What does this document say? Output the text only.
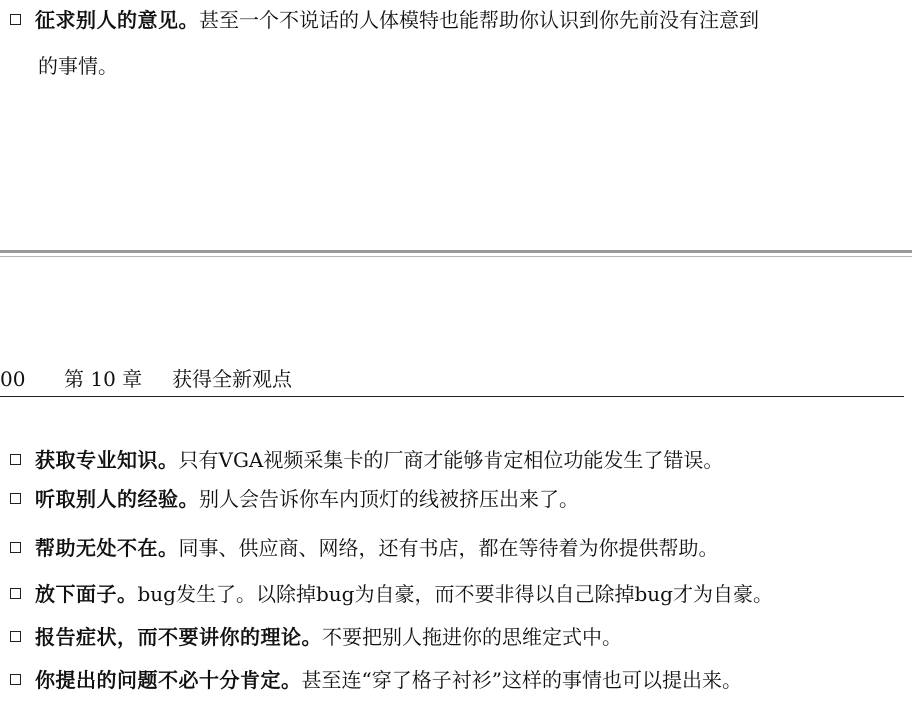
征求别人的意见。甚至一个不说话的人体模特也能帮助你认识到你先前没有注意到
的事情。
00 第 10 章 获得全新观点
获取专业知识。只有VGA视频采集卡的厂商才能够肯定相位功能发生了错误。
听取别人的经验。别人会告诉你车内顶灯的线被挤压出来了。
帮助无处不在。同事、供应商、网络，还有书店，都在等待着为你提供帮助。
放下面子。bug发生了。以除掉bug为自豪，而不要非得以自己除掉bug才为自豪。
报告症状，而不要讲你的理论。不要把别人拖进你的思维定式中。
你提出的问题不必十分肯定。甚至连“穿了格子衬衫”这样的事情也可以提出来。
